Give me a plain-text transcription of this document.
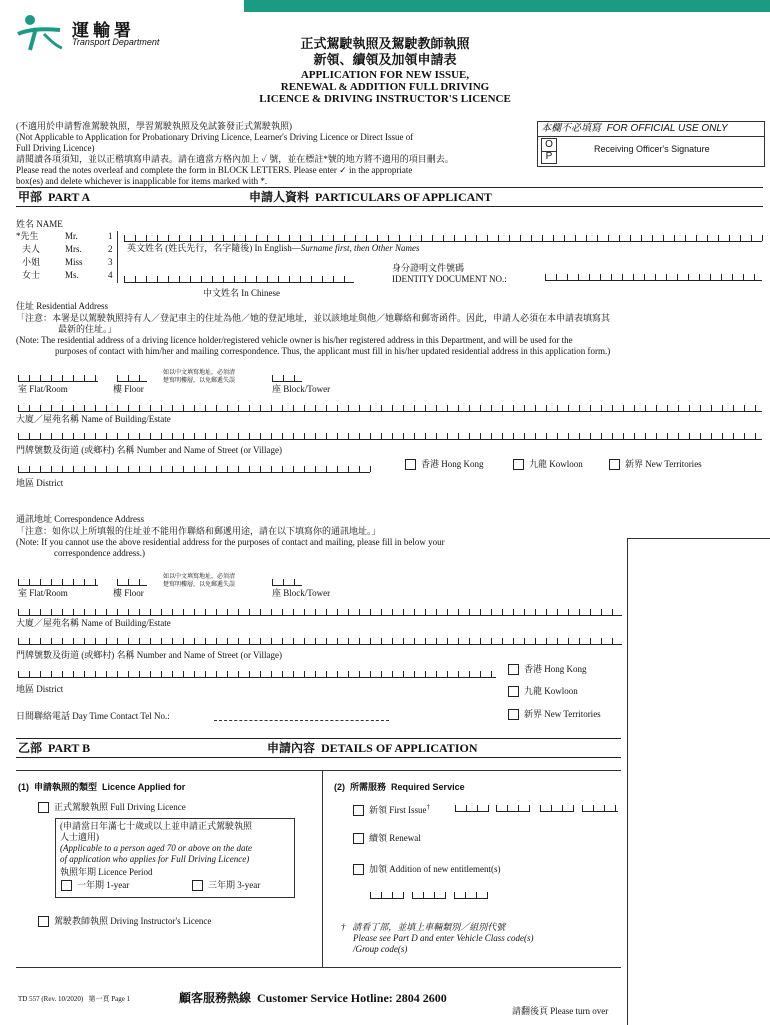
運輸署
Transport Department	正式駕駛執照及駕駛教師執照
新領、續領及加領申請表
APPLICATION FOR NEW ISSUE,
RENEWAL & ADDITION FULL DRIVING
LICENCE & DRIVING INSTRUCTOR'S LICENCE
(不適用於申請暫准駕駛執照，學習駕駛執照及免試簽發正式駕駛執照)
(Not Applicable to Application for Probationary Driving Licence, Learner's Driving Licence or Direct Issue of
Full Driving Licence)
請閱讀各項須知，並以正楷填寫申請表。請在適當方格內加上 ✓ 號，並在標註*號的地方將不適用的項目刪去。
Please read the notes overleaf and complete the form in BLOCK LETTERS. Please enter ✓ in the appropriate
box(es) and delete whichever is inapplicable for items marked with *.
本欄不必填寫 FOR OFFICIAL USE ONLY
O
P
Receiving Officer's Signature
甲部 PART A	申請人資料 PARTICULARS OF APPLICANT
姓名 NAME
*先生	Mr.	1
夫人	Mrs.	2
小姐	Miss	3
女士	Ms.	4
英文姓名 (姓氏先行，名字隨後) In English—Surname first, then Other Names
身分證明文件號碼
IDENTITY DOCUMENT NO.:
中文姓名 In Chinese
住址 Residential Address
「注意：本署是以駕駛執照持有人／登記車主的住址為他／她的登記地址，並以該地址與他／她聯絡和郵寄函件。因此，申請人必須在本申請表填寫其
最新的住址。」
(Note: The residential address of a driving licence holder/registered vehicle owner is his/her registered address in this Department, and will be used for the
purposes of contact with him/her and mailing correspondence. Thus, the applicant must fill in his/her updated residential address in this application form.)
如以中文填寫地址，必須清
楚寫明樓層，以免郵遞失誤
室 Flat/Room	樓 Floor	座 Block/Tower
大廈／屋苑名稱 Name of Building/Estate
門牌號數及街道 (或鄉村) 名稱 Number and Name of Street (or Village)
香港 Hong Kong	九龍 Kowloon	新界 New Territories
地區 District
通訊地址 Correspondence Address
「注意：如你以上所填報的住址並不能用作聯絡和郵遞用途，請在以下填寫你的通訊地址。」
(Note: If you cannot use the above residential address for the purposes of contact and mailing, please fill in below your
correspondence address.)
如以中文填寫地址，必須清
楚寫明樓層，以免郵遞失誤
室 Flat/Room	樓 Floor	座 Block/Tower
大廈／屋苑名稱 Name of Building/Estate
門牌號數及街道 (或鄉村) 名稱 Number and Name of Street (or Village)
地區 District
香港 Hong Kong
九龍 Kowloon
新界 New Territories
日間聯絡電話 Day Time Contact Tel No.:
乙部 PART B	申請內容 DETAILS OF APPLICATION
(1) 申請執照的類型 Licence Applied for
正式駕駛執照 Full Driving Licence
(申請當日年滿七十歲或以上並申請正式駕駛執照
人士適用)
(Applicable to a person aged 70 or above on the date
of application who applies for Full Driving Licence)
執照年期 Licence Period
一年期 1-year	三年期 3-year
駕駛教師執照 Driving Instructor's Licence
(2) 所需服務 Required Service
新領 First Issue†
續領 Renewal
加領 Addition of new entitlement(s)
† 請看丁部，並填上車輛類別／組別代號
Please see Part D and enter Vehicle Class code(s)
/Group code(s)
TD 557 (Rev. 10/2020) 第一頁 Page 1	顧客服務熱線 Customer Service Hotline: 2804 2600
請翻後頁 Please turn over
